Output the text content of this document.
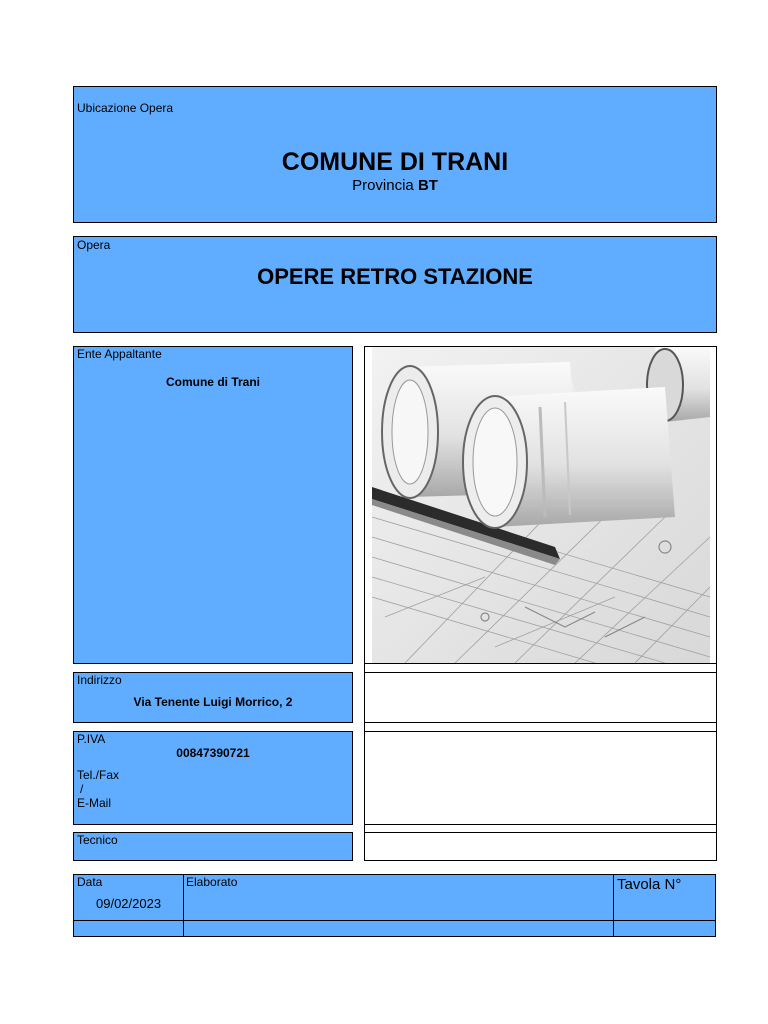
Ubicazione Opera
COMUNE DI TRANI
Provincia BT
Opera
OPERE RETRO STAZIONE
Ente Appaltante
Comune di Trani
Indirizzo
Via Tenente Luigi Morrico, 2
P.IVA
00847390721
Tel./Fax
/
E-Mail
Tecnico
Data
09/02/2023
Elaborato	Tavola N°
